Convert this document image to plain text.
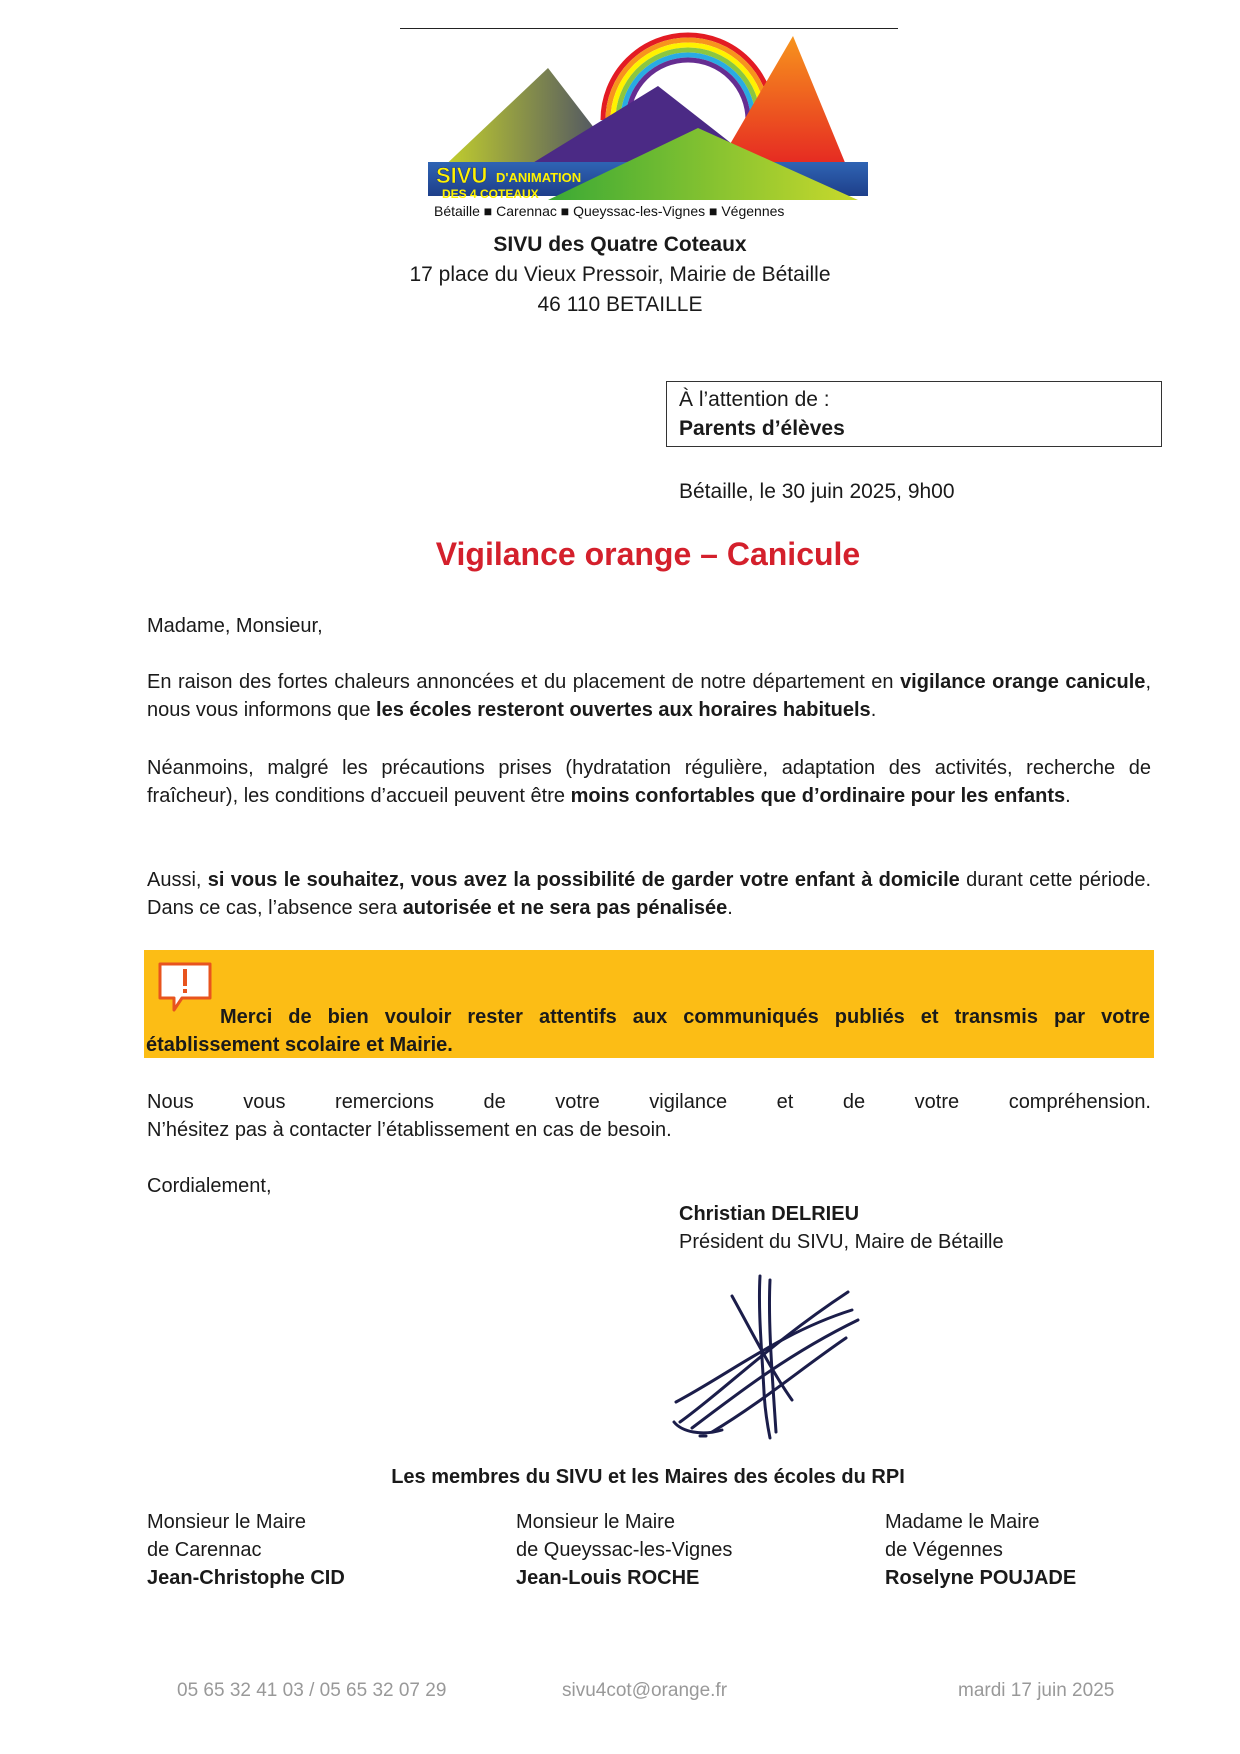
SIVU D'ANIMATION
DES 4 COTEAUX
Bétaille ■ Carennac ■ Queyssac-les-Vignes ■ Végennes
SIVU des Quatre Coteaux
17 place du Vieux Pressoir, Mairie de Bétaille
46 110 BETAILLE
À l’attention de :
Parents d’élèves
Bétaille, le 30 juin 2025, 9h00
Vigilance orange – Canicule
Madame, Monsieur,
En raison des fortes chaleurs annoncées et du placement de notre département en vigilance orange canicule, nous vous informons que les écoles resteront ouvertes aux horaires habituels.
Néanmoins, malgré les précautions prises (hydratation régulière, adaptation des activités, recherche de fraîcheur), les conditions d’accueil peuvent être moins confortables que d’ordinaire pour les enfants.
Aussi, si vous le souhaitez, vous avez la possibilité de garder votre enfant à domicile durant cette période. Dans ce cas, l’absence sera autorisée et ne sera pas pénalisée.
Merci de bien vouloir rester attentifs aux communiqués publiés et transmis par votre établissement scolaire et Mairie.
Nous vous remercions de votre vigilance et de votre compréhension.
N’hésitez pas à contacter l’établissement en cas de besoin.
Cordialement,
Christian DELRIEU
Président du SIVU, Maire de Bétaille
Les membres du SIVU et les Maires des écoles du RPI
Monsieur le Maire
de Carennac
Jean-Christophe CID
Monsieur le Maire
de Queyssac-les-Vignes
Jean-Louis ROCHE
Madame le Maire
de Végennes
Roselyne POUJADE
05 65 32 41 03 / 05 65 32 07 29	sivu4cot@orange.fr	mardi 17 juin 2025
